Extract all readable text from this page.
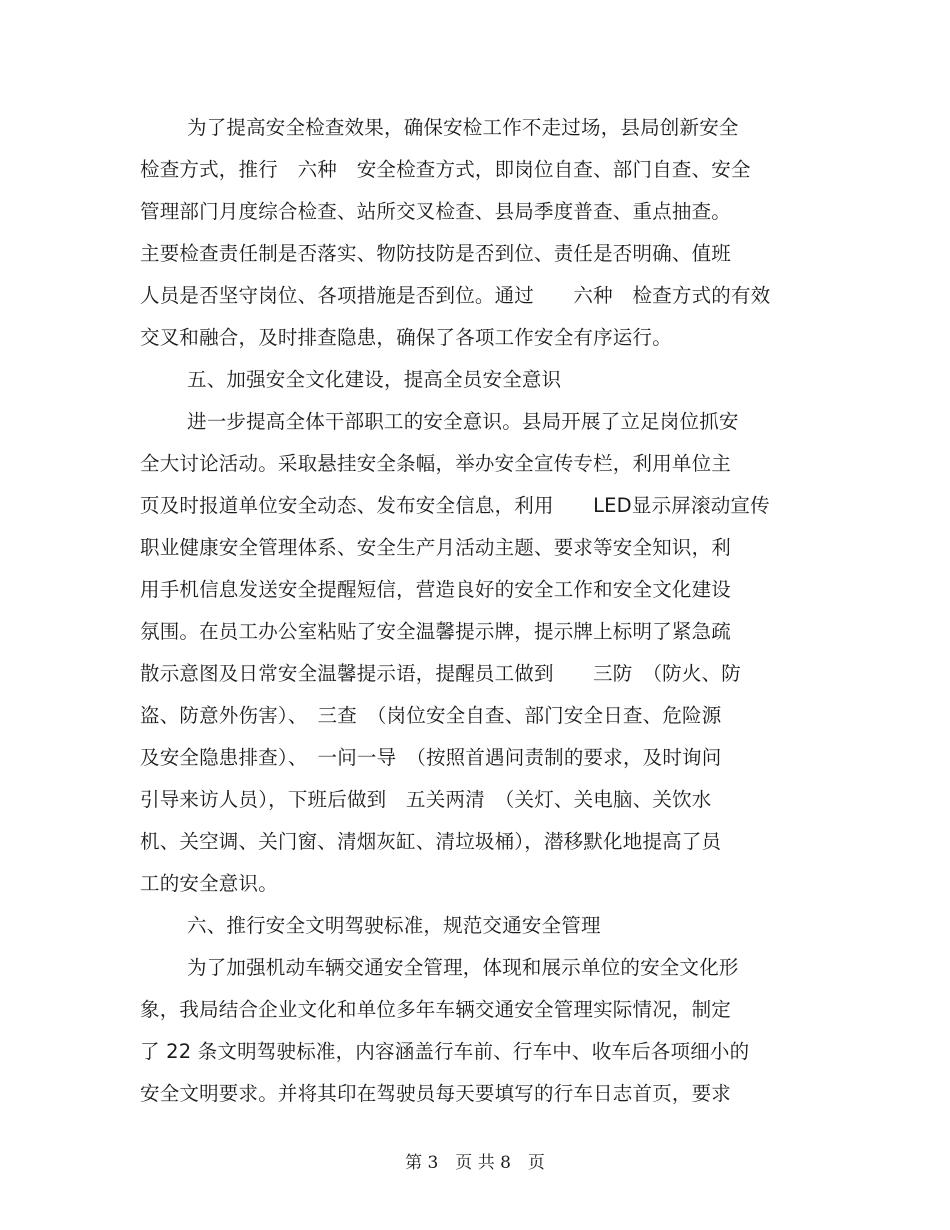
为了提高安全检查效果，确保安检工作不走过场，县局创新安全
检查方式，推行　六种　安全检查方式，即岗位自查、部门自查、安全
管理部门月度综合检查、站所交叉检查、县局季度普查、重点抽查。
主要检查责任制是否落实、物防技防是否到位、责任是否明确、值班
人员是否坚守岗位、各项措施是否到位。通过　　六种　检查方式的有效
交叉和融合，及时排查隐患，确保了各项工作安全有序运行。
五、加强安全文化建设，提高全员安全意识
进一步提高全体干部职工的安全意识。县局开展了立足岗位抓安
全大讨论活动。采取悬挂安全条幅，举办安全宣传专栏，利用单位主
页及时报道单位安全动态、发布安全信息，利用　　LED显示屏滚动宣传
职业健康安全管理体系、安全生产月活动主题、要求等安全知识，利
用手机信息发送安全提醒短信，营造良好的安全工作和安全文化建设
氛围。在员工办公室粘贴了安全温馨提示牌，提示牌上标明了紧急疏
散示意图及日常安全温馨提示语，提醒员工做到　　三防　（防火、防
盗、防意外伤害）、　三查　（岗位安全自查、部门安全日查、危险源
及安全隐患排查）、　一问一导　（按照首遇问责制的要求，及时询问
引导来访人员），下班后做到　五关两清　（关灯、关电脑、关饮水
机、关空调、关门窗、清烟灰缸、清垃圾桶），潜移默化地提高了员
工的安全意识。
六、推行安全文明驾驶标准，规范交通安全管理
为了加强机动车辆交通安全管理，体现和展示单位的安全文化形
象，我局结合企业文化和单位多年车辆交通安全管理实际情况，制定
了 22 条文明驾驶标准，内容涵盖行车前、行车中、收车后各项细小的
安全文明要求。并将其印在驾驶员每天要填写的行车日志首页，要求
第 3　页 共 8　页
